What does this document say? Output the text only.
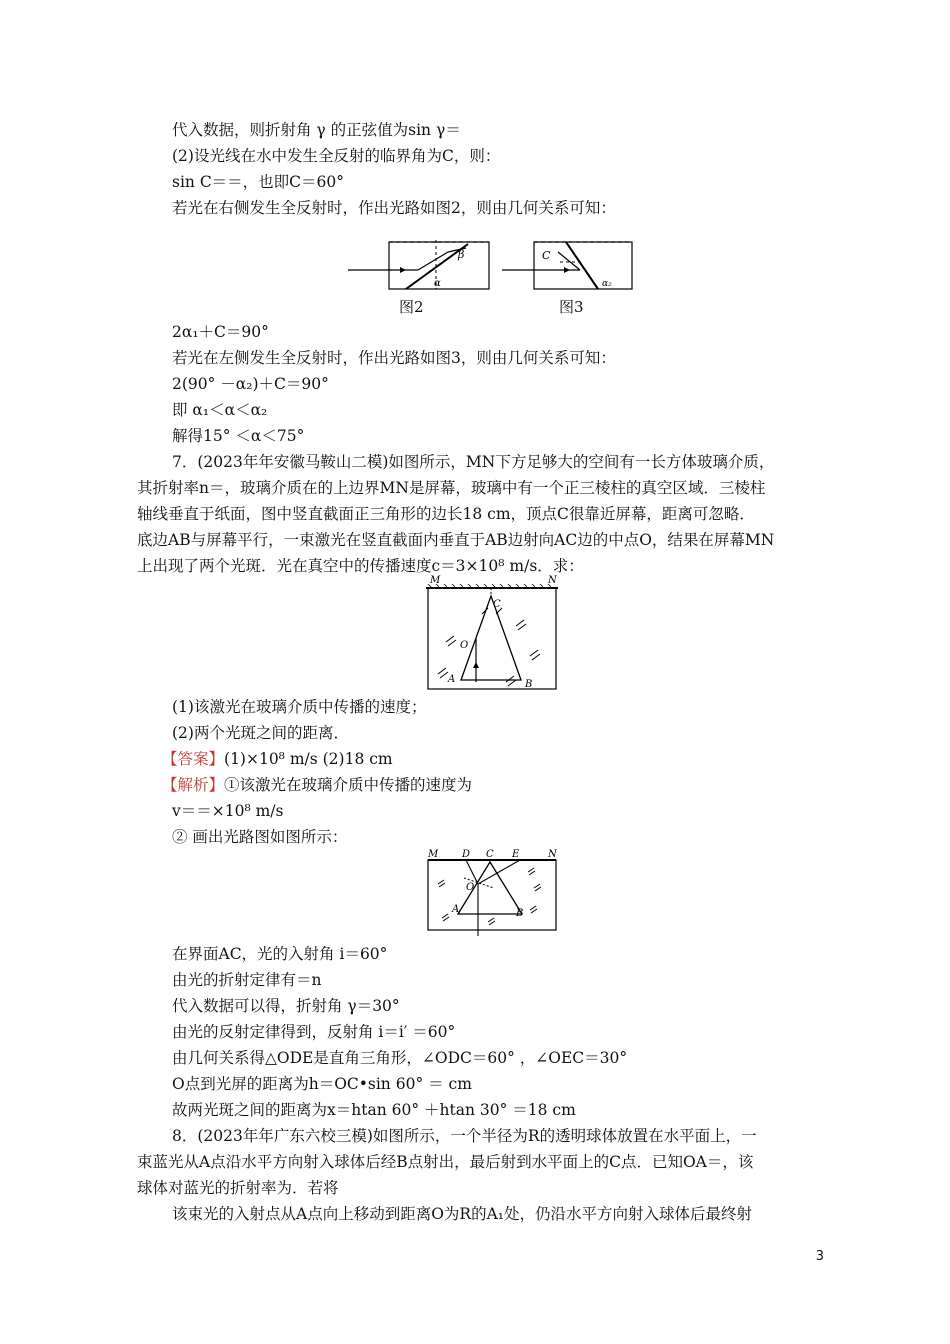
代入数据，则折射角 γ 的正弦值为sin γ＝
(2)设光线在水中发生全反射的临界角为C，则：
sin C＝＝，也即C＝60°
若光在右侧发生全反射时，作出光路如图2，则由几何关系可知：
β
α
C
α₂
图2	图3
2α₁＋C＝90°
若光在左侧发生全反射时，作出光路如图3，则由几何关系可知：
2(90° －α₂)＋C＝90°
即 α₁＜α＜α₂
解得15° ＜α＜75°
7．(2023年年安徽马鞍山二模)如图所示，MN下方足够大的空间有一长方体玻璃介质，
其折射率n＝，玻璃介质在的上边界MN是屏幕，玻璃中有一个正三棱柱的真空区域．三棱柱
轴线垂直于纸面，图中竖直截面正三角形的边长18 cm，顶点C很靠近屏幕，距离可忽略．
底边AB与屏幕平行，一束激光在竖直截面内垂直于AB边射向AC边的中点O，结果在屏幕MN
上出现了两个光斑．光在真空中的传播速度c＝3×10⁸ m/s．求：
M	N
C
O
A	B
(1)该激光在玻璃介质中传播的速度；
(2)两个光斑之间的距离．
【答案】(1)×10⁸ m/s (2)18 cm
【解析】①该激光在玻璃介质中传播的速度为
v＝＝×10⁸ m/s
② 画出光路图如图所示：
M D C E	N
O
A	B
在界面AC，光的入射角 i＝60°
由光的折射定律有＝n
代入数据可以得，折射角 γ＝30°
由光的反射定律得到，反射角 i＝i′ ＝60°
由几何关系得△ODE是直角三角形，∠ODC＝60° ，∠OEC＝30°
O点到光屏的距离为h＝OC•sin 60° ＝ cm
故两光斑之间的距离为x＝htan 60° ＋htan 30° ＝18 cm
8．(2023年年广东六校三模)如图所示，一个半径为R的透明球体放置在水平面上，一
束蓝光从A点沿水平方向射入球体后经B点射出，最后射到水平面上的C点．已知OA＝，该
球体对蓝光的折射率为．若将
该束光的入射点从A点向上移动到距离O为R的A₁处，仍沿水平方向射入球体后最终射
3
